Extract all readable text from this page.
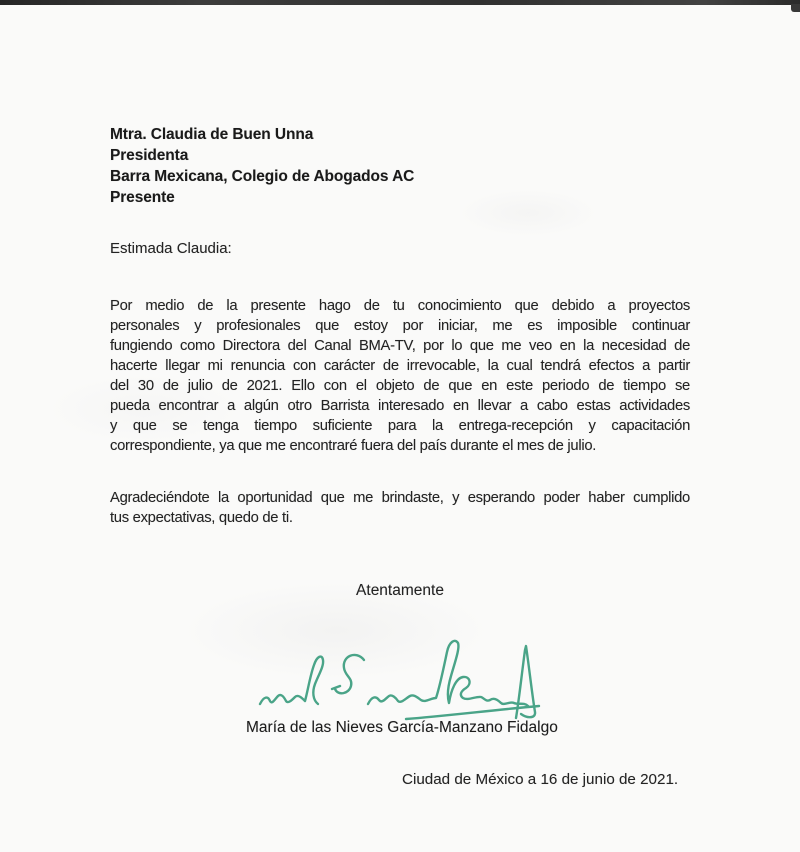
Mtra. Claudia de Buen Unna
Presidenta
Barra Mexicana, Colegio de Abogados AC
Presente
Estimada Claudia:
Por medio de la presente hago de tu conocimiento que debido a proyectos
personales y profesionales que estoy por iniciar, me es imposible continuar
fungiendo como Directora del Canal BMA-TV, por lo que me veo en la necesidad de
hacerte llegar mi renuncia con carácter de irrevocable, la cual tendrá efectos a partir
del 30 de julio de 2021. Ello con el objeto de que en este periodo de tiempo se
pueda encontrar a algún otro Barrista interesado en llevar a cabo estas actividades
y que se tenga tiempo suficiente para la entrega-recepción y capacitación
correspondiente, ya que me encontraré fuera del país durante el mes de julio.
Agradeciéndote la oportunidad que me brindaste, y esperando poder haber cumplido
tus expectativas, quedo de ti.
Atentamente
María de las Nieves García-Manzano Fidalgo
Ciudad de México a 16 de junio de 2021.
